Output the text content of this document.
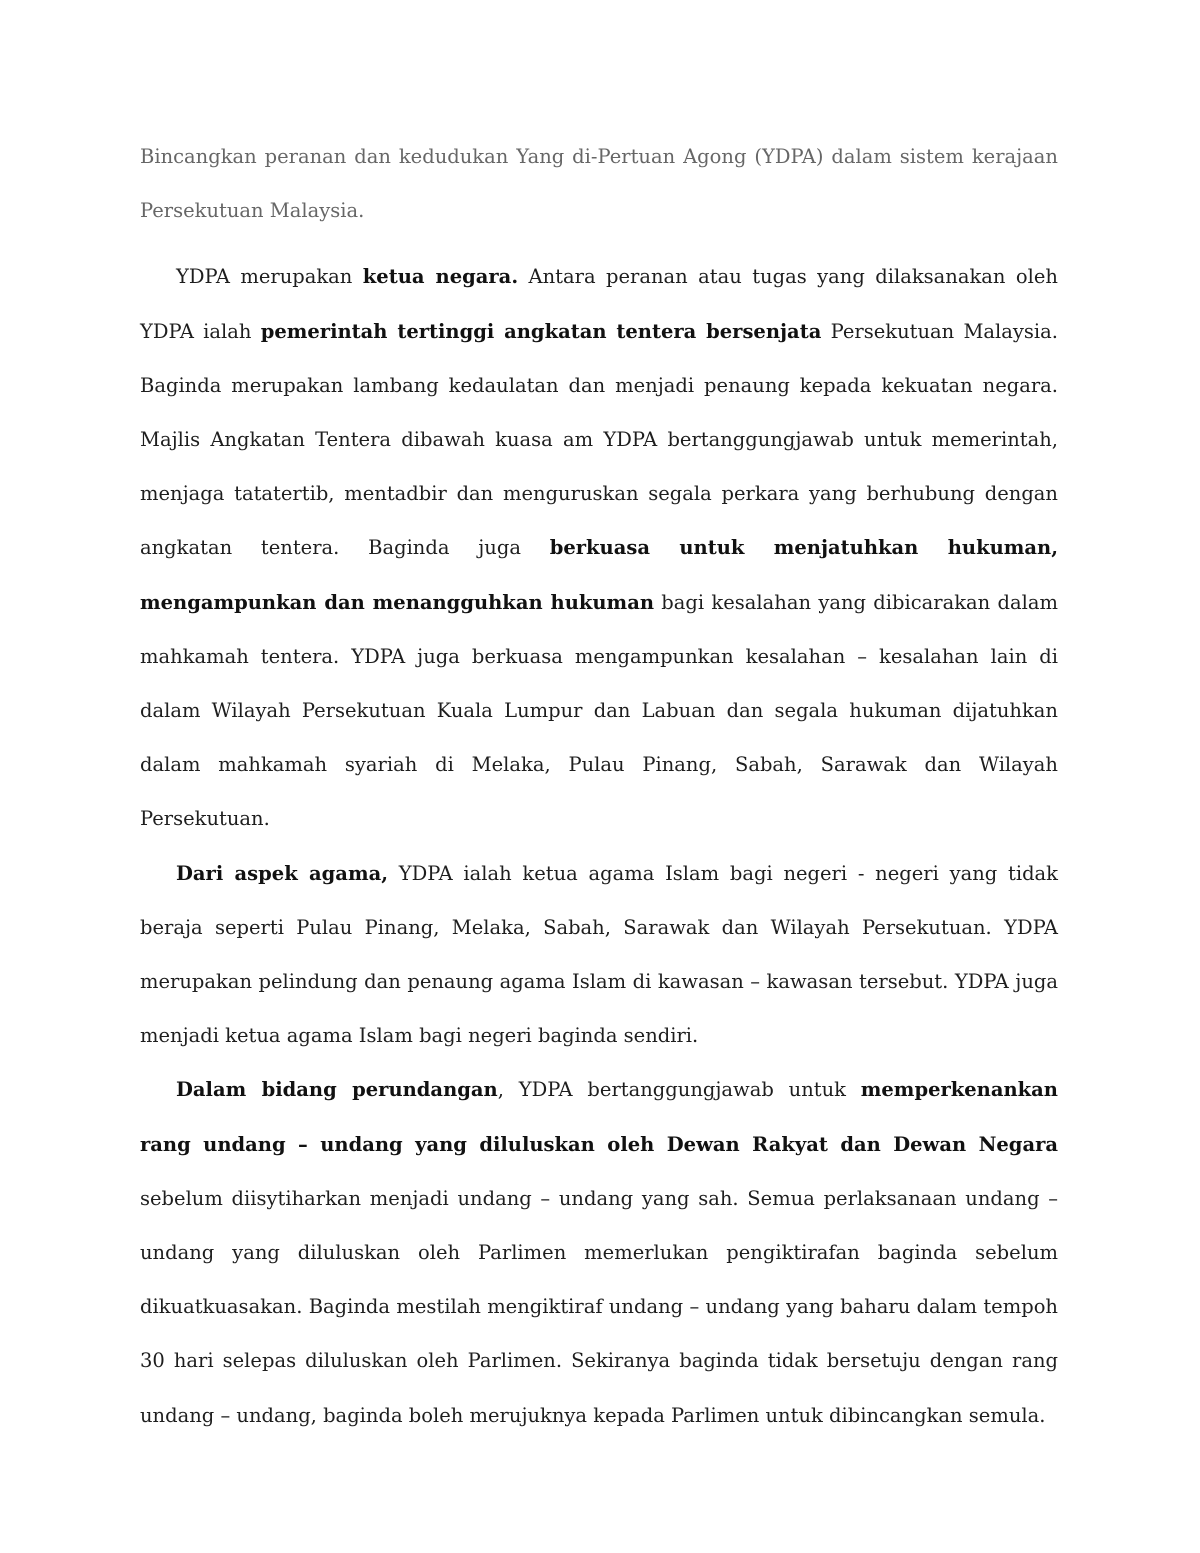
Bincangkan peranan dan kedudukan Yang di-Pertuan Agong (YDPA) dalam sistem kerajaan Persekutuan Malaysia.

YDPA merupakan ketua negara. Antara peranan atau tugas yang dilaksanakan oleh YDPA ialah pemerintah tertinggi angkatan tentera bersenjata Persekutuan Malaysia. Baginda merupakan lambang kedaulatan dan menjadi penaung kepada kekuatan negara. Majlis Angkatan Tentera dibawah kuasa am YDPA bertanggungjawab untuk memerintah, menjaga tatatertib, mentadbir dan menguruskan segala perkara yang berhubung dengan angkatan tentera. Baginda juga berkuasa untuk menjatuhkan hukuman, mengampunkan dan menangguhkan hukuman bagi kesalahan yang dibicarakan dalam mahkamah tentera. YDPA juga berkuasa mengampunkan kesalahan – kesalahan lain di dalam Wilayah Persekutuan Kuala Lumpur dan Labuan dan segala hukuman dijatuhkan dalam mahkamah syariah di Melaka, Pulau Pinang, Sabah, Sarawak dan Wilayah Persekutuan.

Dari aspek agama, YDPA ialah ketua agama Islam bagi negeri - negeri yang tidak beraja seperti Pulau Pinang, Melaka, Sabah, Sarawak dan Wilayah Persekutuan. YDPA merupakan pelindung dan penaung agama Islam di kawasan – kawasan tersebut. YDPA juga menjadi ketua agama Islam bagi negeri baginda sendiri.

Dalam bidang perundangan, YDPA bertanggungjawab untuk memperkenankan rang undang – undang yang diluluskan oleh Dewan Rakyat dan Dewan Negara sebelum diisytiharkan menjadi undang – undang yang sah. Semua perlaksanaan undang – undang yang diluluskan oleh Parlimen memerlukan pengiktirafan baginda sebelum dikuatkuasakan. Baginda mestilah mengiktiraf undang – undang yang baharu dalam tempoh 30 hari selepas diluluskan oleh Parlimen. Sekiranya baginda tidak bersetuju dengan rang undang – undang, baginda boleh merujuknya kepada Parlimen untuk dibincangkan semula.
